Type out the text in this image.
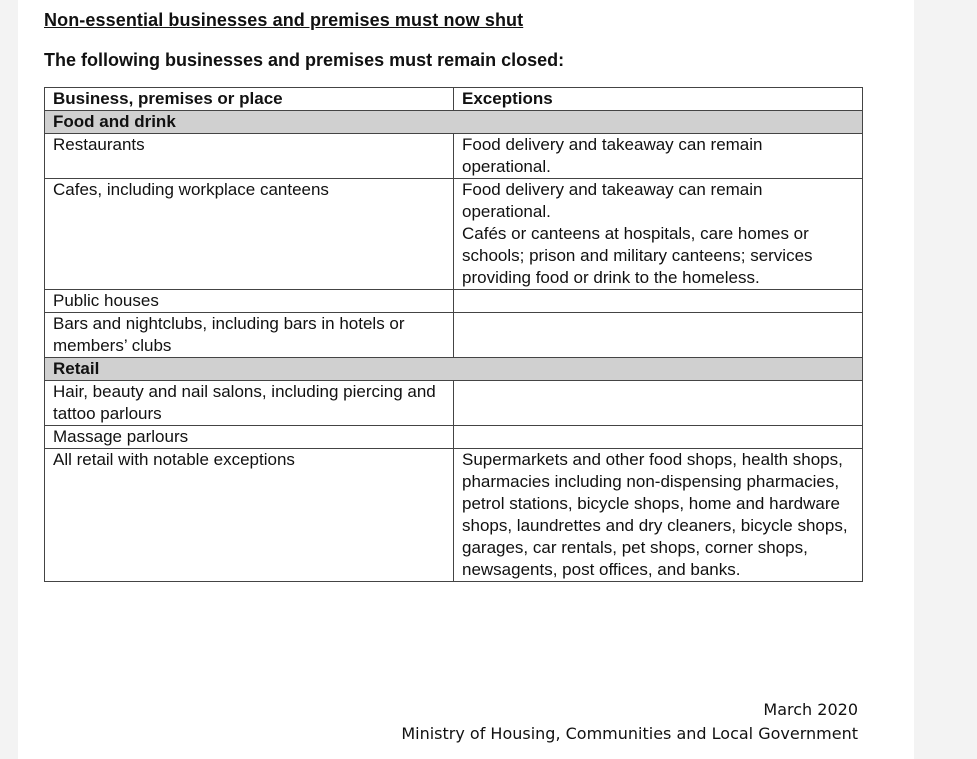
Non-essential businesses and premises must now shut
The following businesses and premises must remain closed:
Business, premises or place	Exceptions
Food and drink	
Restaurants	Food delivery and takeaway can remain operational.
Cafes, including workplace canteens	Food delivery and takeaway can remain operational.
Cafés or canteens at hospitals, care homes or schools; prison and military canteens; services providing food or drink to the homeless.
Public houses	
Bars and nightclubs, including bars in hotels or members’ clubs	
Retail	
Hair, beauty and nail salons, including piercing and tattoo parlours	
Massage parlours	
All retail with notable exceptions	Supermarkets and other food shops, health shops, pharmacies including non-dispensing pharmacies, petrol stations, bicycle shops, home and hardware shops, laundrettes and dry cleaners, bicycle shops, garages, car rentals, pet shops, corner shops, newsagents, post offices, and banks.
March 2020
Ministry of Housing, Communities and Local Government
